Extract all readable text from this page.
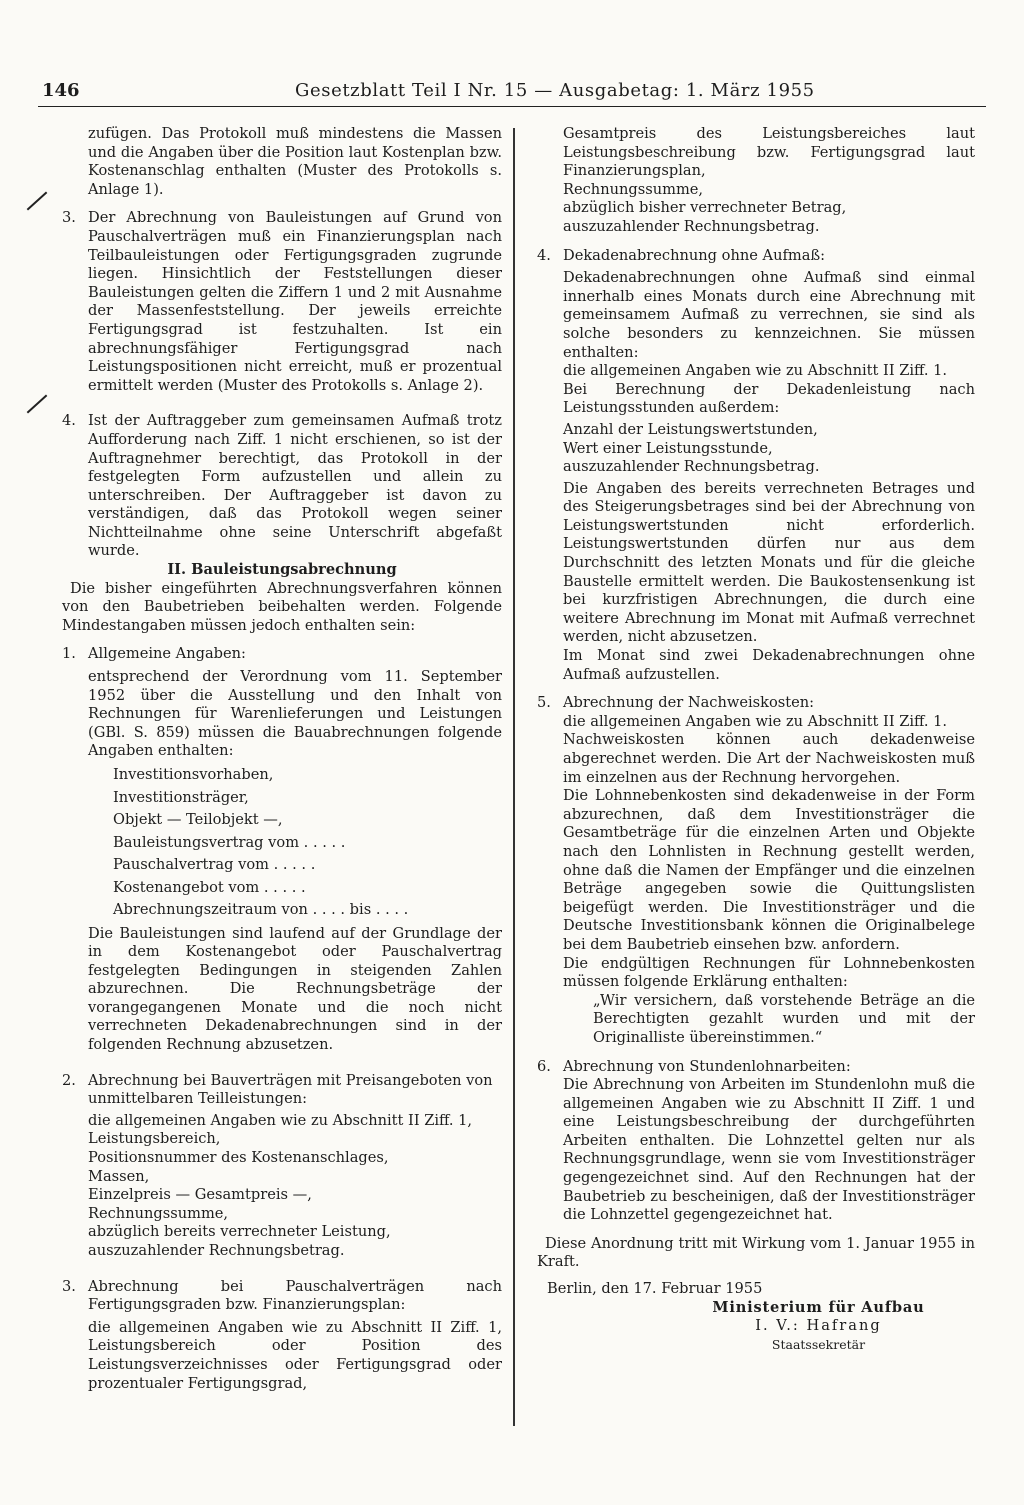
146	Gesetzblatt Teil I Nr. 15 — Ausgabetag: 1. März 1955

zufügen. Das Protokoll muß mindestens die Massen und die Angaben über die Position laut Kostenplan bzw. Kostenanschlag enthalten (Muster des Protokolls s. Anlage 1).

3. Der Abrechnung von Bauleistungen auf Grund von Pauschalverträgen muß ein Finanzierungsplan nach Teilbauleistungen oder Fertigungsgraden zugrunde liegen. Hinsichtlich der Feststellungen dieser Bauleistungen gelten die Ziffern 1 und 2 mit Ausnahme der Massenfeststellung. Der jeweils erreichte Fertigungsgrad ist festzuhalten. Ist ein abrechnungsfähiger Fertigungsgrad nach Leistungspositionen nicht erreicht, muß er prozentual ermittelt werden (Muster des Protokolls s. Anlage 2).

4. Ist der Auftraggeber zum gemeinsamen Aufmaß trotz Aufforderung nach Ziff. 1 nicht erschienen, so ist der Auftragnehmer berechtigt, das Protokoll in der festgelegten Form aufzustellen und allein zu unterschreiben. Der Auftraggeber ist davon zu verständigen, daß das Protokoll wegen seiner Nichtteilnahme ohne seine Unterschrift abgefaßt wurde.

II. Bauleistungsabrechnung

Die bisher eingeführten Abrechnungsverfahren können von den Baubetrieben beibehalten werden. Folgende Mindestangaben müssen jedoch enthalten sein:

1. Allgemeine Angaben:

entsprechend der Verordnung vom 11. September 1952 über die Ausstellung und den Inhalt von Rechnungen für Warenlieferungen und Leistungen (GBl. S. 859) müssen die Bauabrechnungen folgende Angaben enthalten:

Investitionsvorhaben,
Investitionsträger,
Objekt — Teilobjekt —,
Bauleistungsvertrag vom . . . . .
Pauschalvertrag vom . . . . .
Kostenangebot vom . . . . .
Abrechnungszeitraum von . . . . bis . . . .

Die Bauleistungen sind laufend auf der Grundlage der in dem Kostenangebot oder Pauschalvertrag festgelegten Bedingungen in steigenden Zahlen abzurechnen. Die Rechnungsbeträge der vorangegangenen Monate und die noch nicht verrechneten Dekadenabrechnungen sind in der folgenden Rechnung abzusetzen.

2. Abrechnung bei Bauverträgen mit Preisangeboten von unmittelbaren Teilleistungen:

die allgemeinen Angaben wie zu Abschnitt II Ziff. 1,
Leistungsbereich,
Positionsnummer des Kostenanschlages,
Massen,
Einzelpreis — Gesamtpreis —,
Rechnungssumme,
abzüglich bereits verrechneter Leistung,
auszuzahlender Rechnungsbetrag.
3. Abrechnung bei Pauschalverträgen nach Fertigungsgraden bzw. Finanzierungsplan:

die allgemeinen Angaben wie zu Abschnitt II Ziff. 1, Leistungsbereich oder Position des Leistungsverzeichnisses oder Fertigungsgrad oder prozentualer Fertigungsgrad,

Gesamtpreis des Leistungsbereiches laut Leistungsbeschreibung bzw. Fertigungsgrad laut Finanzierungsplan,

Rechnungssumme,
abzüglich bisher verrechneter Betrag,
auszuzahlender Rechnungsbetrag.
4. Dekadenabrechnung ohne Aufmaß:

Dekadenabrechnungen ohne Aufmaß sind einmal innerhalb eines Monats durch eine Abrechnung mit gemeinsamem Aufmaß zu verrechnen, sie sind als solche besonders zu kennzeichnen. Sie müssen enthalten:

die allgemeinen Angaben wie zu Abschnitt II Ziff. 1.

Bei Berechnung der Dekadenleistung nach Leistungsstunden außerdem:

Anzahl der Leistungswertstunden,
Wert einer Leistungsstunde,
auszuzahlender Rechnungsbetrag.

Die Angaben des bereits verrechneten Betrages und des Steigerungsbetrages sind bei der Abrechnung von Leistungswertstunden nicht erforderlich. Leistungswertstunden dürfen nur aus dem Durchschnitt des letzten Monats und für die gleiche Baustelle ermittelt werden. Die Baukostensenkung ist bei kurzfristigen Abrechnungen, die durch eine weitere Abrechnung im Monat mit Aufmaß verrechnet werden, nicht abzusetzen.

Im Monat sind zwei Dekadenabrechnungen ohne Aufmaß aufzustellen.

5. Abrechnung der Nachweiskosten:

die allgemeinen Angaben wie zu Abschnitt II Ziff. 1.

Nachweiskosten können auch dekadenweise abgerechnet werden. Die Art der Nachweiskosten muß im einzelnen aus der Rechnung hervorgehen.

Die Lohnnebenkosten sind dekadenweise in der Form abzurechnen, daß dem Investitionsträger die Gesamtbeträge für die einzelnen Arten und Objekte nach den Lohnlisten in Rechnung gestellt werden, ohne daß die Namen der Empfänger und die einzelnen Beträge angegeben sowie die Quittungslisten beigefügt werden. Die Investitionsträger und die Deutsche Investitionsbank können die Originalbelege bei dem Baubetrieb einsehen bzw. anfordern.

Die endgültigen Rechnungen für Lohnnebenkosten müssen folgende Erklärung enthalten:

„Wir versichern, daß vorstehende Beträge an die Berechtigten gezahlt wurden und mit der Originalliste übereinstimmen.“

6. Abrechnung von Stundenlohnarbeiten:

Die Abrechnung von Arbeiten im Stundenlohn muß die allgemeinen Angaben wie zu Abschnitt II Ziff. 1 und eine Leistungsbeschreibung der durchgeführten Arbeiten enthalten. Die Lohnzettel gelten nur als Rechnungsgrundlage, wenn sie vom Investitionsträger gegengezeichnet sind. Auf den Rechnungen hat der Baubetrieb zu bescheinigen, daß der Investitionsträger die Lohnzettel gegengezeichnet hat.

Diese Anordnung tritt mit Wirkung vom 1. Januar 1955 in Kraft.

Berlin, den 17. Februar 1955

Ministerium für Aufbau

I. V.: Hafrang

Staatssekretär
